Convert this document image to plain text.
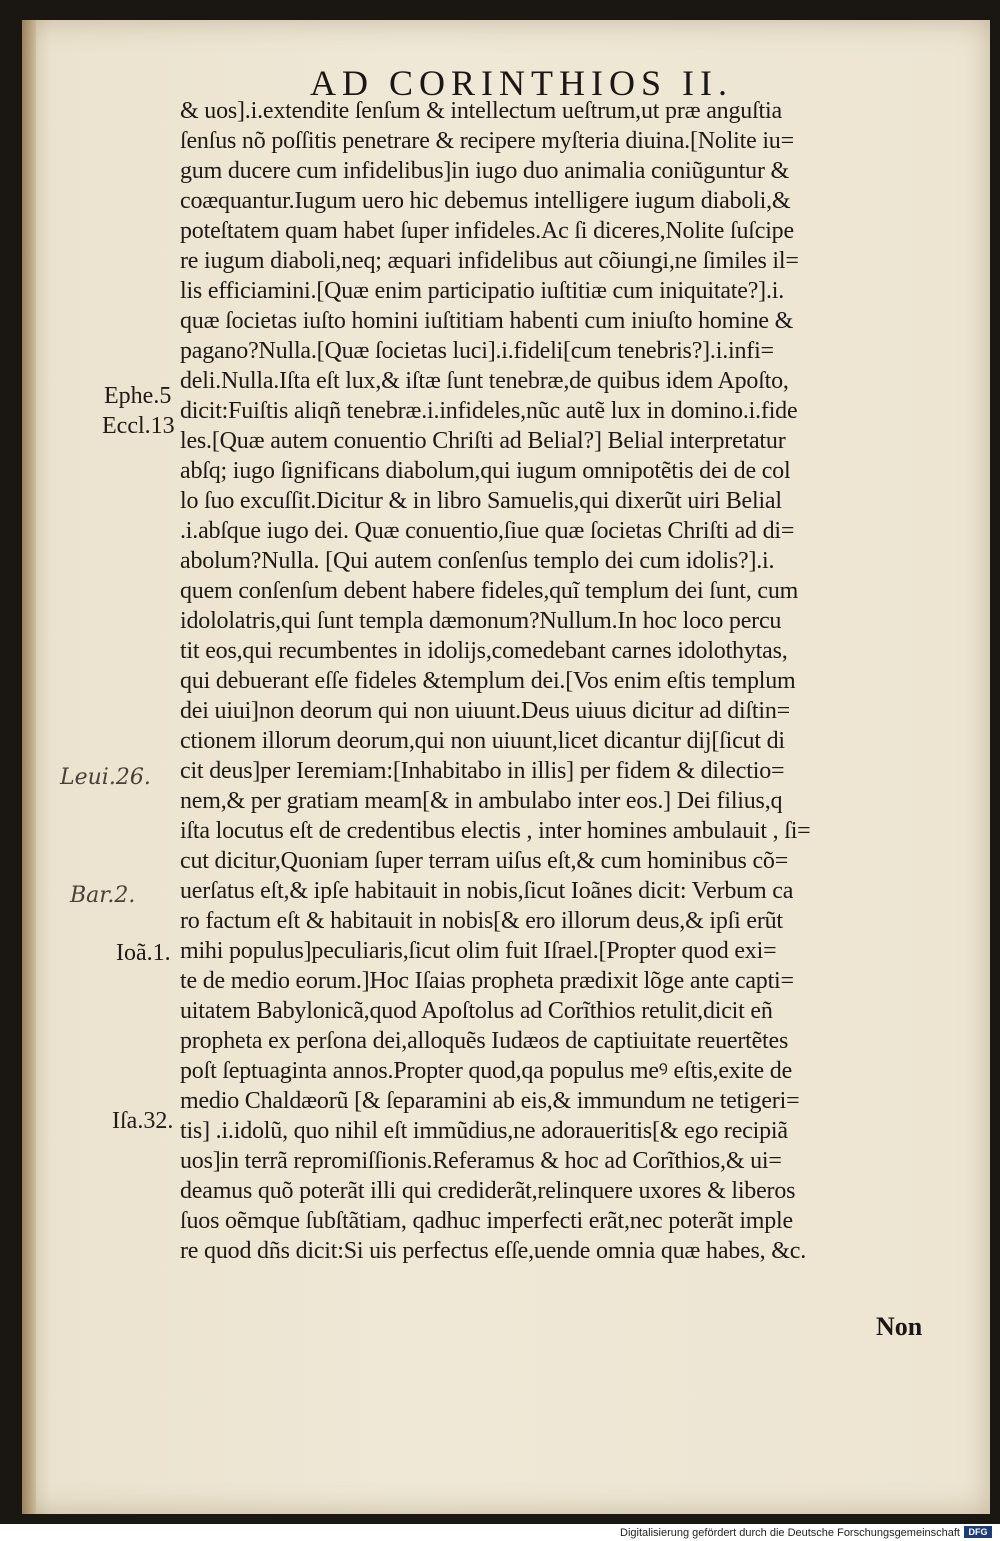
AD CORINTHIOS II.
Ephe.5
Eccl.13
Leui.26.
Bar.2.
Ioã.1.
Iſa.32.
& uos].i.extendite ſenſum & intellectum ueſtrum,ut præ anguſtia
ſenſus nõ poſſitis penetrare & recipere myſteria diuina.[Nolite iu=
gum ducere cum infidelibus]in iugo duo animalia coniũguntur &
coæquantur.Iugum uero hic debemus intelligere iugum diaboli,&
poteſtatem quam habet ſuper infideles.Ac ſi diceres,Nolite ſuſcipe
re iugum diaboli,neq; æquari infidelibus aut cõiungi,ne ſimiles il=
lis efficiamini.[Quæ enim participatio iuſtitiæ cum iniquitate?].i.
quæ ſocietas iuſto homini iuſtitiam habenti cum iniuſto homine &
pagano?Nulla.[Quæ ſocietas luci].i.fideli[cum tenebris?].i.infi=
deli.Nulla.Iſta eſt lux,& iſtæ ſunt tenebræ,de quibus idem Apoſto,
dicit:Fuiſtis aliqñ tenebræ.i.infideles,nũc autẽ lux in domino.i.fide
les.[Quæ autem conuentio Chriſti ad Belial?] Belial interpretatur
abſq; iugo ſignificans diabolum,qui iugum omnipotẽtis dei de col
lo ſuo excuſſit.Dicitur & in libro Samuelis,qui dixerũt uiri Belial
.i.abſque iugo dei. Quæ conuentio,ſiue quæ ſocietas Chriſti ad di=
abolum?Nulla. [Qui autem conſenſus templo dei cum idolis?].i.
quem conſenſum debent habere fideles,quĩ templum dei ſunt, cum
idololatris,qui ſunt templa dæmonum?Nullum.In hoc loco percu
tit eos,qui recumbentes in idolijs,comedebant carnes idolothytas,
qui debuerant eſſe fideles &templum dei.[Vos enim eſtis templum
dei uiui]non deorum qui non uiuunt.Deus uiuus dicitur ad diſtin=
ctionem illorum deorum,qui non uiuunt,licet dicantur dij[ſicut di
cit deus]per Ieremiam:[Inhabitabo in illis] per fidem & dilectio=
nem,& per gratiam meam[& in ambulabo inter eos.] Dei filius,q
iſta locutus eſt de credentibus electis , inter homines ambulauit , ſi=
cut dicitur,Quoniam ſuper terram uiſus eſt,& cum hominibus cõ=
uerſatus eſt,& ipſe habitauit in nobis,ſicut Ioãnes dicit: Verbum ca
ro factum eſt & habitauit in nobis[& ero illorum deus,& ipſi erũt
mihi populus]peculiaris,ſicut olim fuit Iſrael.[Propter quod exi=
te de medio eorum.]Hoc Iſaias propheta prædixit lõge ante capti=
uitatem Babylonicã,quod Apoſtolus ad Corĩthios retulit,dicit eñ
propheta ex perſona dei,alloquẽs Iudæos de captiuitate reuertẽtes
poſt ſeptuaginta annos.Propter quod,qa populus meꝰ eſtis,exite de
medio Chaldæorũ [& ſeparamini ab eis,& immundum ne tetigeri=
tis] .i.idolũ, quo nihil eſt immũdius,ne adoraueritis[& ego recipiã
uos]in terrã repromiſſionis.Referamus & hoc ad Corĩthios,& ui=
deamus quõ poterãt illi qui crediderãt,relinquere uxores & liberos
ſuos oẽmque ſubſtãtiam, qadhuc imperfecti erãt,nec poterãt imple
re quod dñs dicit:Si uis perfectus eſſe,uende omnia quæ habes, &c.
Non
Digitalisierung gefördert durch die Deutsche Forschungsgemeinschaft DFG
